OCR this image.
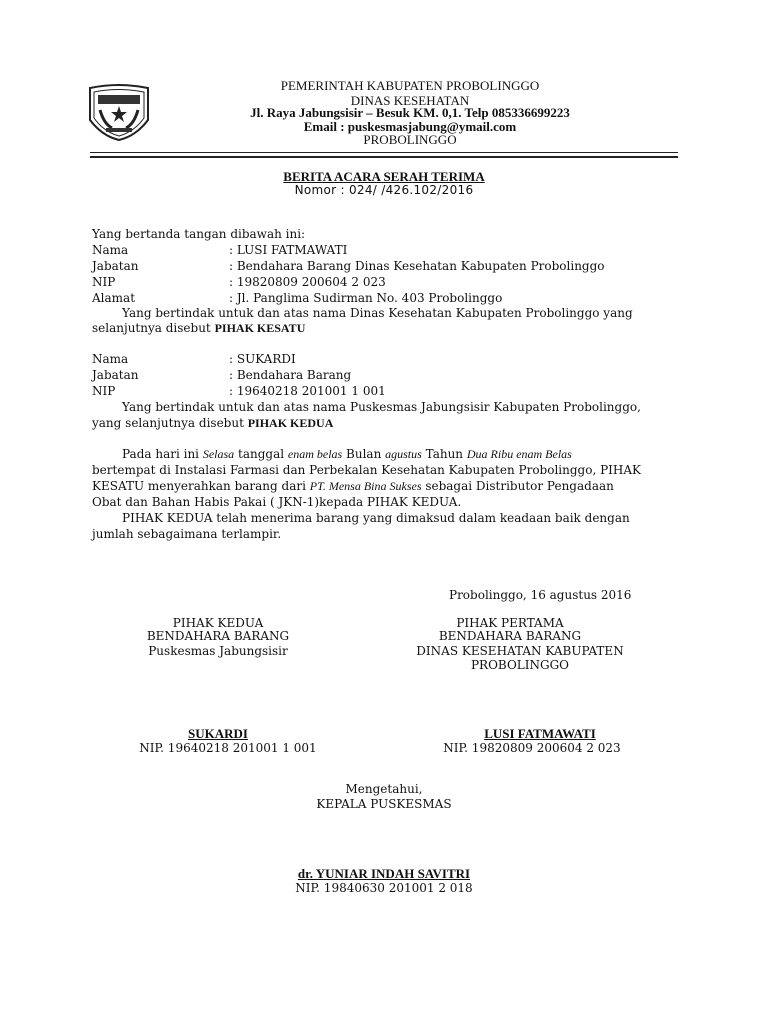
PEMERINTAH KABUPATEN PROBOLINGGO
DINAS KESEHATAN
Jl. Raya Jabungsisir – Besuk KM. 0,1. Telp 085336699223
Email : puskesmasjabung@ymail.com
PROBOLINGGO
BERITA ACARA SERAH TERIMA
Nomor : 024/ /426.102/2016
Yang bertanda tangan dibawah ini:
Nama	: LUSI FATMAWATI
Jabatan	: Bendahara Barang Dinas Kesehatan Kabupaten Probolinggo
NIP	: 19820809 200604 2 023
Alamat	: Jl. Panglima Sudirman No. 403 Probolinggo
Yang bertindak untuk dan atas nama Dinas Kesehatan Kabupaten Probolinggo yang
selanjutnya disebut PIHAK KESATU
Nama	: SUKARDI
Jabatan	: Bendahara Barang
NIP	: 19640218 201001 1 001
Yang bertindak untuk dan atas nama Puskesmas Jabungsisir Kabupaten Probolinggo,
yang selanjutnya disebut PIHAK KEDUA
Pada hari ini Selasa tanggal enam belas Bulan agustus Tahun Dua Ribu enam Belas
bertempat di Instalasi Farmasi dan Perbekalan Kesehatan Kabupaten Probolinggo, PIHAK
KESATU menyerahkan barang dari PT. Mensa Bina Sukses sebagai Distributor Pengadaan
Obat dan Bahan Habis Pakai ( JKN-1)kepada PIHAK KEDUA.
PIHAK KEDUA telah menerima barang yang dimaksud dalam keadaan baik dengan
jumlah sebagaimana terlampir.
Probolinggo, 16 agustus 2016
PIHAK KEDUA
BENDAHARA BARANG
Puskesmas Jabungsisir
SUKARDI
NIP. 19640218 201001 1 001
PIHAK PERTAMA
BENDAHARA BARANG
DINAS KESEHATAN KABUPATEN
PROBOLINGGO
LUSI FATMAWATI
NIP. 19820809 200604 2 023
Mengetahui,
KEPALA PUSKESMAS
dr. YUNIAR INDAH SAVITRI
NIP. 19840630 201001 2 018
